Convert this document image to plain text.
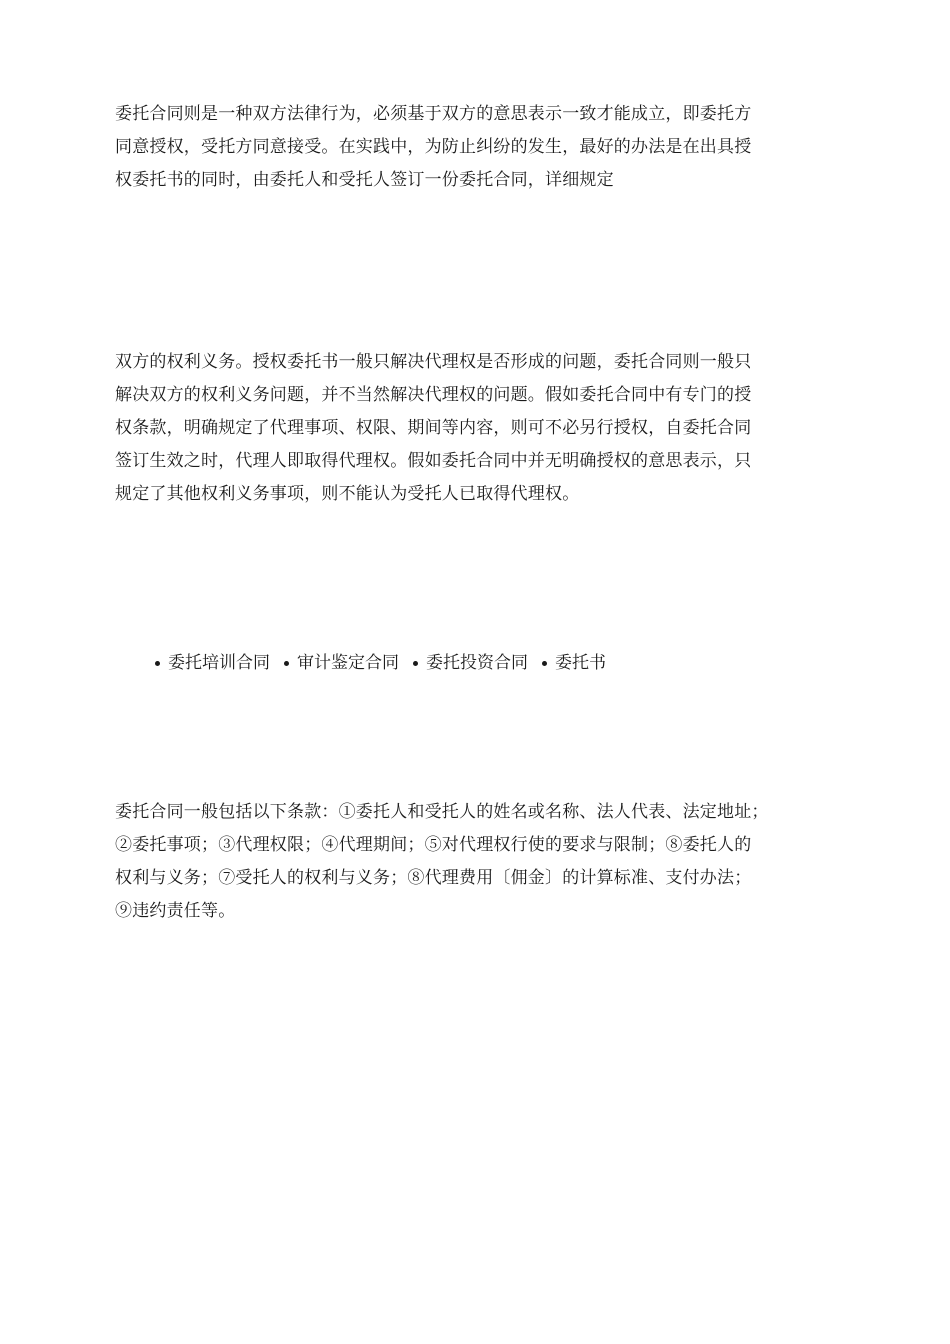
委托合同则是一种双方法律行为，必须基于双方的意思表示一致才能成立，即委托方
同意授权，受托方同意接受。在实践中，为防止纠纷的发生，最好的办法是在出具授
权委托书的同时，由委托人和受托人签订一份委托合同，详细规定

双方的权利义务。授权委托书一般只解决代理权是否形成的问题，委托合同则一般只
解决双方的权利义务问题，并不当然解决代理权的问题。假如委托合同中有专门的授
权条款，明确规定了代理事项、权限、期间等内容，则可不必另行授权，自委托合同
签订生效之时，代理人即取得代理权。假如委托合同中并无明确授权的意思表示，只
规定了其他权利义务事项，则不能认为受托人已取得代理权。

委托培训合同 审计鉴定合同 委托投资合同 委托书

委托合同一般包括以下条款：①委托人和受托人的姓名或名称、法人代表、法定地址；
②委托事项；③代理权限；④代理期间；⑤对代理权行使的要求与限制；⑧委托人的
权利与义务；⑦受托人的权利与义务；⑧代理费用〔佣金〕的计算标准、支付办法；
⑨违约责任等。
